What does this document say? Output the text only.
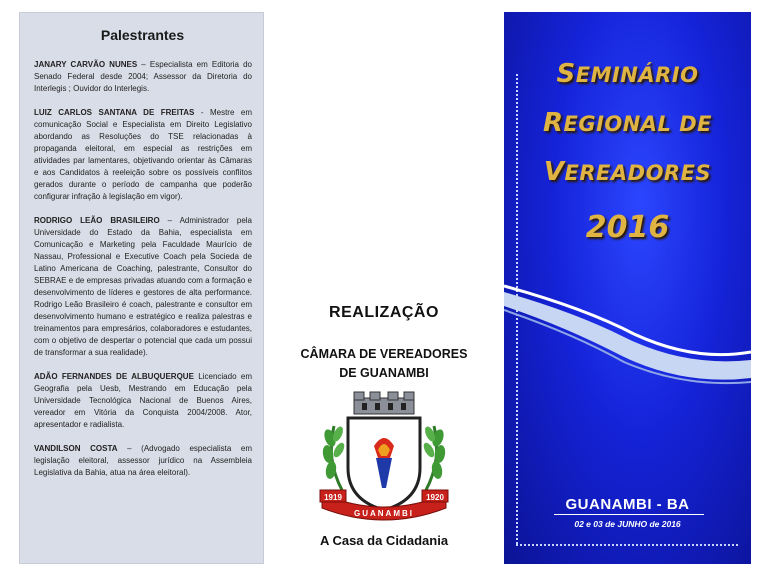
Palestrantes

JANARY CARVÃO NUNES – Especialista em Editoria do Senado Federal desde 2004; Assessor da Diretoria do Interlegis ; Ouvidor do Interlegis.

LUIZ CARLOS SANTANA DE FREITAS - Mestre em comunicação Social e Especialista em Direito Legislativo abordando as Resoluções do TSE relacionadas à propaganda eleitoral, em especial as restrições em atividades par lamentares, objetivando orientar às Câmaras e aos Candidatos à reeleição sobre os possíveis conflitos gerados durante o período de campanha que poderão configurar infração à legislação em vigor).

RODRIGO LEÃO BRASILEIRO – Administrador pela Universidade do Estado da Bahia, especialista em Comunicação e Marketing pela Faculdade Maurício de Nassau, Professional e Executive Coach pela Socieda de Latino Americana de Coaching, palestrante, Consultor do SEBRAE e de empresas privadas atuando com a formação e desenvolvimento de líderes e gestores de alta performance. Rodrigo Leão Brasileiro é coach, palestrante e consultor em desenvolvimento humano e estratégico e realiza palestras e treinamentos para empresários, colaboradores e estudantes, com o objetivo de despertar o potencial que cada um possui de transformar a sua realidade).

ADÃO FERNANDES DE ALBUQUERQUE Licenciado em Geografia pela Uesb, Mestrando em Educação pela Universidade Tecnológica Nacional de Buenos Aires, vereador em Vitória da Conquista 2004/2008. Ator, apresentador e radialista.

VANDILSON COSTA – (Advogado especialista em legislação eleitoral, assessor jurídico na Assembleia Legislativa da Bahia, atua na área eleitoral).

REALIZAÇÃO
CÂMARA DE VEREADORES
DE GUANAMBI
1919	1920
GUANAMBI
A Casa da Cidadania
SEMINÁRIO
REGIONAL DE
VEREADORES
2016
GUANAMBI - BA
02 e 03 de JUNHO de 2016
